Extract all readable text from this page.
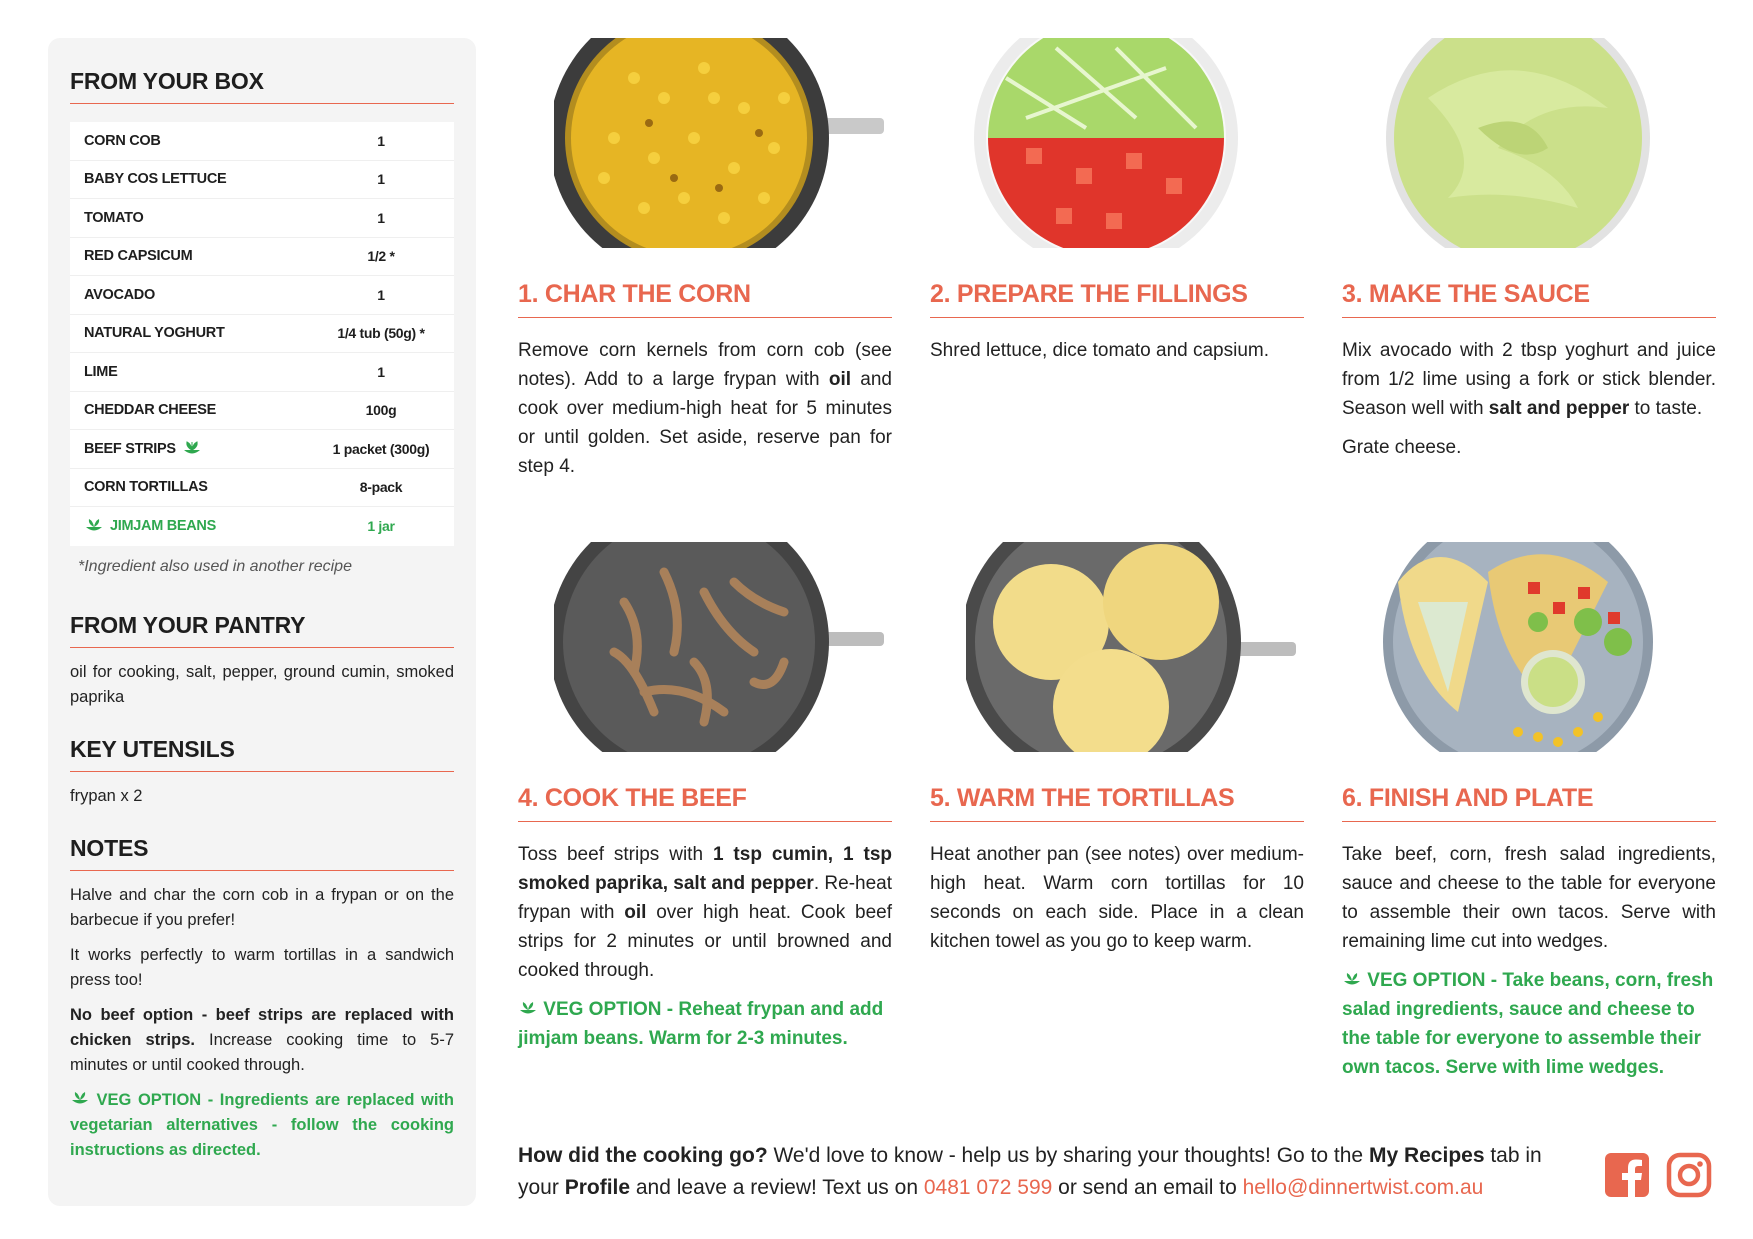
FROM YOUR BOX
CORN COB	1
BABY COS LETTUCE	1
TOMATO	1
RED CAPSICUM	1/2 *
AVOCADO	1
NATURAL YOGHURT	1/4 tub (50g) *
LIME	1
CHEDDAR CHEESE	100g
BEEF STRIPS	1 packet (300g)
CORN TORTILLAS	8-pack
JIMJAM BEANS	1 jar
*Ingredient also used in another recipe
FROM YOUR PANTRY

oil for cooking, salt, pepper, ground cumin, smoked paprika

KEY UTENSILS

frypan x 2

NOTES

Halve and char the corn cob in a frypan or on the barbecue if you prefer!

It works perfectly to warm tortillas in a sandwich press too!

No beef option - beef strips are replaced with chicken strips. Increase cooking time to 5-7 minutes or until cooked through.

VEG OPTION - Ingredients are replaced with vegetarian alternatives - follow the cooking instructions as directed.

1. CHAR THE CORN

Remove corn kernels from corn cob (see notes). Add to a large frypan with oil and cook over medium-high heat for 5 minutes or until golden. Set aside, reserve pan for step 4.

2. PREPARE THE FILLINGS

Shred lettuce, dice tomato and capsium.

3. MAKE THE SAUCE

Mix avocado with 2 tbsp yoghurt and juice from 1/2 lime using a fork or stick blender. Season well with salt and pepper to taste.

Grate cheese.

4. COOK THE BEEF

Toss beef strips with 1 tsp cumin, 1 tsp smoked paprika, salt and pepper. Re-heat frypan with oil over high heat. Cook beef strips for 2 minutes or until browned and cooked through.

VEG OPTION - Reheat frypan and add jimjam beans. Warm for 2-3 minutes.

5. WARM THE TORTILLAS

Heat another pan (see notes) over medium-high heat. Warm corn tortillas for 10 seconds on each side. Place in a clean kitchen towel as you go to keep warm.

6. FINISH AND PLATE

Take beef, corn, fresh salad ingredients, sauce and cheese to the table for everyone to assemble their own tacos. Serve with remaining lime cut into wedges.

VEG OPTION - Take beans, corn, fresh salad ingredients, sauce and cheese to the table for everyone to assemble their own tacos. Serve with lime wedges.

How did the cooking go? We'd love to know - help us by sharing your thoughts! Go to the My Recipes tab in your Profile and leave a review! Text us on 0481 072 599 or send an email to hello@dinnertwist.com.au
